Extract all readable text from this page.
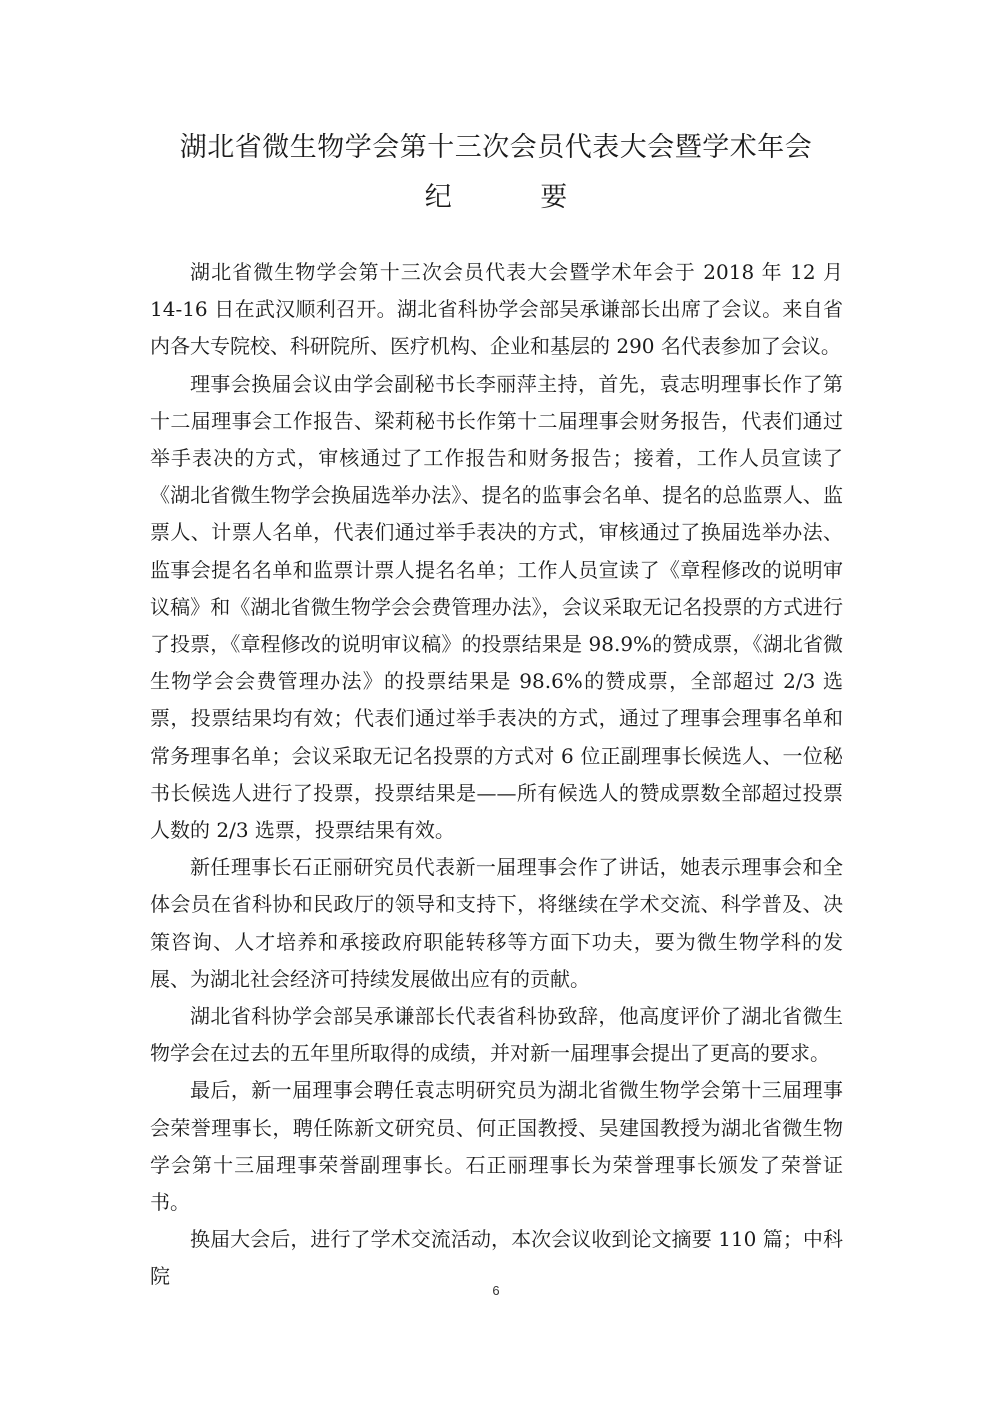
湖北省微生物学会第十三次会员代表大会暨学术年会
纪 要

湖北省微生物学会第十三次会员代表大会暨学术年会于 2018 年 12 月 14-16 日在武汉顺利召开。湖北省科协学会部吴承谦部长出席了会议。来自省内各大专院校、科研院所、医疗机构、企业和基层的 290 名代表参加了会议。

理事会换届会议由学会副秘书长李丽萍主持，首先，袁志明理事长作了第十二届理事会工作报告、梁莉秘书长作第十二届理事会财务报告，代表们通过举手表决的方式，审核通过了工作报告和财务报告；接着，工作人员宣读了《湖北省微生物学会换届选举办法》、提名的监事会名单、提名的总监票人、监票人、计票人名单，代表们通过举手表决的方式，审核通过了换届选举办法、监事会提名名单和监票计票人提名名单；工作人员宣读了《章程修改的说明审议稿》和《湖北省微生物学会会费管理办法》，会议采取无记名投票的方式进行了投票，《章程修改的说明审议稿》的投票结果是 98.9%的赞成票，《湖北省微生物学会会费管理办法》的投票结果是 98.6%的赞成票，全部超过 2/3 选票，投票结果均有效；代表们通过举手表决的方式，通过了理事会理事名单和常务理事名单；会议采取无记名投票的方式对 6 位正副理事长候选人、一位秘书长候选人进行了投票，投票结果是——所有候选人的赞成票数全部超过投票人数的 2/3 选票，投票结果有效。

新任理事长石正丽研究员代表新一届理事会作了讲话，她表示理事会和全体会员在省科协和民政厅的领导和支持下，将继续在学术交流、科学普及、决策咨询、人才培养和承接政府职能转移等方面下功夫，要为微生物学科的发展、为湖北社会经济可持续发展做出应有的贡献。

湖北省科协学会部吴承谦部长代表省科协致辞，他高度评价了湖北省微生物学会在过去的五年里所取得的成绩，并对新一届理事会提出了更高的要求。

最后，新一届理事会聘任袁志明研究员为湖北省微生物学会第十三届理事会荣誉理事长，聘任陈新文研究员、何正国教授、吴建国教授为湖北省微生物学会第十三届理事荣誉副理事长。石正丽理事长为荣誉理事长颁发了荣誉证书。

换届大会后，进行了学术交流活动，本次会议收到论文摘要 110 篇；中科院

6
